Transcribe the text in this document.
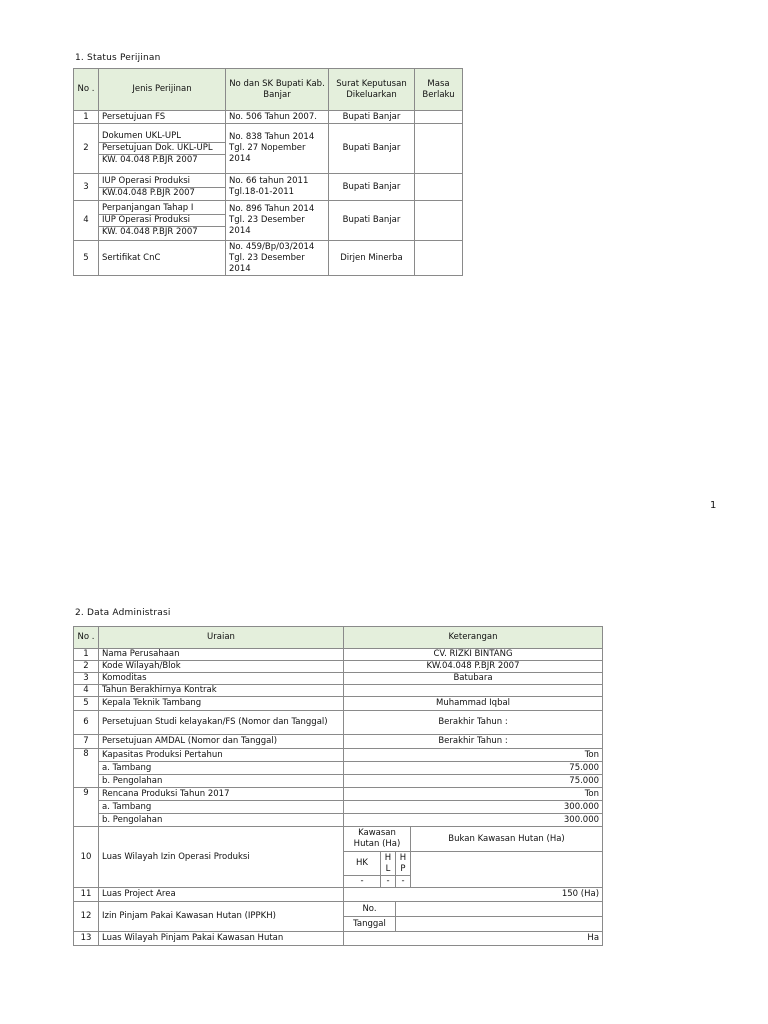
1. Status Perijinan
No .	Jenis Perijinan	No dan SK Bupati Kab. Banjar	Surat Keputusan Dikeluarkan	Masa Berlaku
1	Persetujuan FS	No. 506 Tahun 2007.	Bupati Banjar	
2	Dokumen UKL-UPL
Persetujuan Dok. UKL-UPL
KW. 04.048 P.BJR 2007	No. 838 Tahun 2014 Tgl. 27 Nopember 2014	Bupati Banjar	
3	IUP Operasi Produksi
KW.04.048 P.BJR 2007	No. 66 tahun 2011 Tgl.18-01-2011	Bupati Banjar	
4	Perpanjangan Tahap I
IUP Operasi Produksi
KW. 04.048 P.BJR 2007	No. 896 Tahun 2014 Tgl. 23 Desember 2014	Bupati Banjar	
5	Sertifikat CnC	No. 459/Bp/03/2014 Tgl. 23 Desember 2014	Dirjen Minerba	
1
2. Data Administrasi
No .	Uraian	Keterangan			
1	Nama Perusahaan	CV. RIZKI BINTANG			
2	Kode Wilayah/Blok	KW.04.048 P.BJR 2007			
3	Komoditas	Batubara			
4	Tahun Berakhirnya Kontrak				
5	Kepala Teknik Tambang	Muhammad Iqbal			
6	Persetujuan Studi kelayakan/FS (Nomor dan Tanggal)	Berakhir Tahun :			
7	Persetujuan AMDAL (Nomor dan Tanggal)	Berakhir Tahun :			
8	Kapasitas Produksi Pertahun	Ton			
	a. Tambang	75.000			
	b. Pengolahan	75.000			
9	Rencana Produksi Tahun 2017	Ton			
	a. Tambang	300.000			
	b. Pengolahan	300.000			
10	Luas Wilayah Izin Operasi Produksi	Kawasan Hutan (Ha)			Bukan Kawasan Hutan (Ha)
		HK	H L	H P	
		-	-	-	
11	Luas Project Area	150 (Ha)			
12	Izin Pinjam Pakai Kawasan Hutan (IPPKH)	No.			
		Tanggal			
13	Luas Wilayah Pinjam Pakai Kawasan Hutan	Ha			
